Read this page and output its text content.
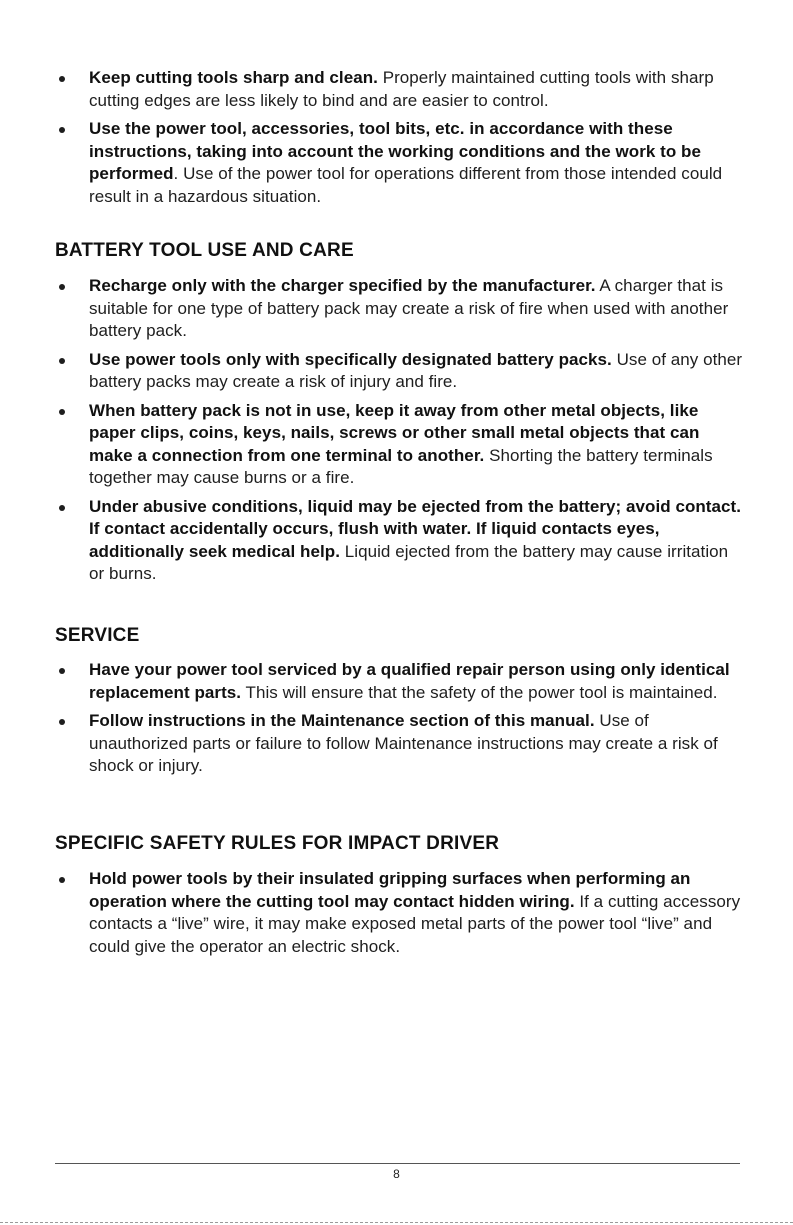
Keep cutting tools sharp and clean. Properly maintained cutting tools with sharp cutting edges are less likely to bind and are easier to control.
Use the power tool, accessories, tool bits, etc. in accordance with these instructions, taking into account the working conditions and the work to be performed. Use of the power tool for operations different from those intended could result in a hazardous situation.
BATTERY TOOL USE AND CARE
Recharge only with the charger specified by the manufacturer. A charger that is suitable for one type of battery pack may create a risk of fire when used with another battery pack.
Use power tools only with specifically designated battery packs. Use of any other battery packs may create a risk of injury and fire.
When battery pack is not in use, keep it away from other metal objects, like paper clips, coins, keys, nails, screws or other small metal objects that can make a connection from one terminal to another. Shorting the battery terminals together may cause burns or a fire.
Under abusive conditions, liquid may be ejected from the battery; avoid contact. If contact accidentally occurs, flush with water. If liquid contacts eyes, additionally seek medical help. Liquid ejected from the battery may cause irritation or burns.
SERVICE
Have your power tool serviced by a qualified repair person using only identical replacement parts. This will ensure that the safety of the power tool is maintained.
Follow instructions in the Maintenance section of this manual. Use of unauthorized parts or failure to follow Maintenance instructions may create a risk of shock or injury.
SPECIFIC SAFETY RULES FOR IMPACT DRIVER
Hold power tools by their insulated gripping surfaces when performing an operation where the cutting tool may contact hidden wiring. If a cutting accessory contacts a “live” wire, it may make exposed metal parts of the power tool “live” and could give the operator an electric shock.
8
